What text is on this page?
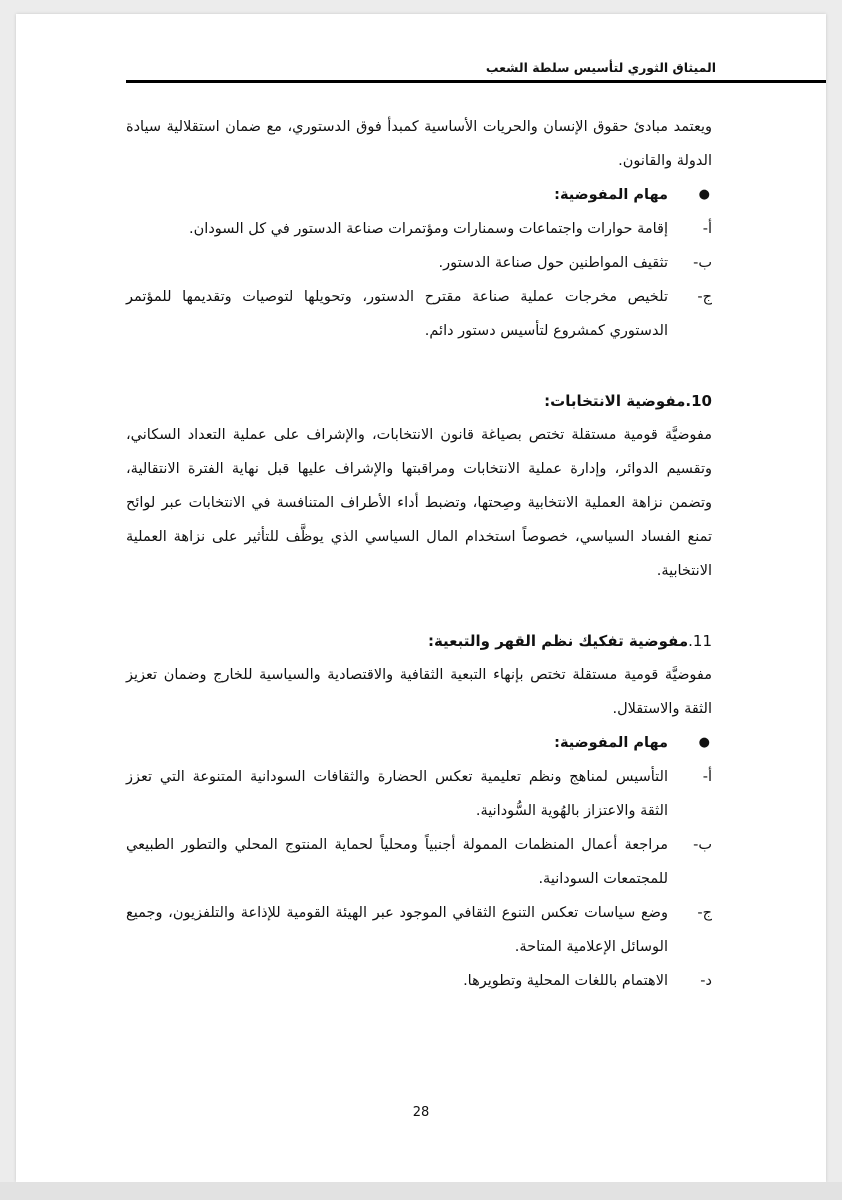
الميثاق الثوري لتأسيس سلطة الشعب

ويعتمد مبادئ حقوق الإنسان والحريات الأساسية كمبدأ فوق الدستوري، مع ضمان استقلالية سيادة الدولة والقانون.

●
مهام المفوضية:

أ-
إقامة حوارات واجتماعات وسمنارات ومؤتمرات صناعة الدستور في كل السودان.
ب-
تثقيف المواطنين حول صناعة الدستور.
ج-
تلخيص مخرجات عملية صناعة مقترح الدستور، وتحويلها لتوصيات وتقديمها للمؤتمر الدستوري كمشروع لتأسيس دستور دائم.

10.مفوضية الانتخابات:

مفوضيَّة قومية مستقلة تختص بصياغة قانون الانتخابات، والإشراف على عملية التعداد السكاني، وتقسيم الدوائر، وإدارة عملية الانتخابات ومراقبتها والإشراف عليها قبل نهاية الفترة الانتقالية، وتضمن نزاهة العملية الانتخابية وصِحتها، وتضبط أداء الأطراف المتنافسة في الانتخابات عبر لوائح تمنع الفساد السياسي، خصوصاً استخدام المال السياسي الذي يوظَّف للتأثير على نزاهة العملية الانتخابية.

11.مفوضية تفكيك نظم القهر والتبعية:

مفوضيَّة قومية مستقلة تختص بإنهاء التبعية الثقافية والاقتصادية والسياسية للخارج وضمان تعزيز الثقة والاستقلال.

●
مهام المفوضية:

أ-
التأسيس لمناهج ونظم تعليمية تعكس الحضارة والثقافات السودانية المتنوعة التي تعزز الثقة والاعتزاز بالهُوية السُّودانية.
ب-
مراجعة أعمال المنظمات الممولة أجنبياً ومحلياً لحماية المنتوج المحلي والتطور الطبيعي للمجتمعات السودانية.
ج-
وضع سياسات تعكس التنوع الثقافي الموجود عبر الهيئة القومية للإذاعة والتلفزيون، وجميع الوسائل الإعلامية المتاحة.
د-
الاهتمام باللغات المحلية وتطويرها.
28
